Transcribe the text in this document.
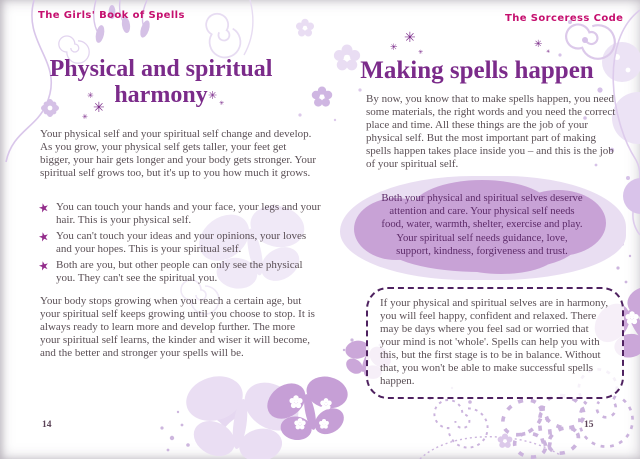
The Girls' Book of Spells
Physical and spiritual
harmony
✳
✳
✳
✳
✳

Your physical self and your spiritual self change and develop. As you grow, your physical self gets taller, your feet get bigger, your hair gets longer and your body gets stronger. Your spiritual self grows too, but it's up to you how much it grows.

★ You can touch your hands and your face, your legs and your hair. This is your physical self.
★ You can't touch your ideas and your opinions, your loves and your hopes. This is your spiritual self.
★ Both are you, but other people can only see the physical you. They can't see the spiritual you.

Your body stops growing when you reach a certain age, but your spiritual self keeps growing until you choose to stop. It is always ready to learn more and develop further. The more your spiritual self learns, the kinder and wiser it will become, and the better and stronger your spells will be.

14
The Sorceress Code
✳
✳	✳
✳
✳
Making spells happen

By now, you know that to make spells happen, you need some materials, the right words and you need the correct place and time. All these things are the job of your physical self. But the most important part of making spells happen takes place inside you – and this is the job of your spiritual self.

Both your physical and spiritual selves deserve attention and care. Your physical self needs food, water, warmth, shelter, exercise and play. Your spiritual self needs guidance, love, support, kindness, forgiveness and trust.

If your physical and spiritual selves are in harmony, you will feel happy, confident and relaxed. There may be days where you feel sad or worried that your mind is not 'whole'. Spells can help you with this, but the first stage is to be in balance. Without that, you won't be able to make successful spells happen.

15
